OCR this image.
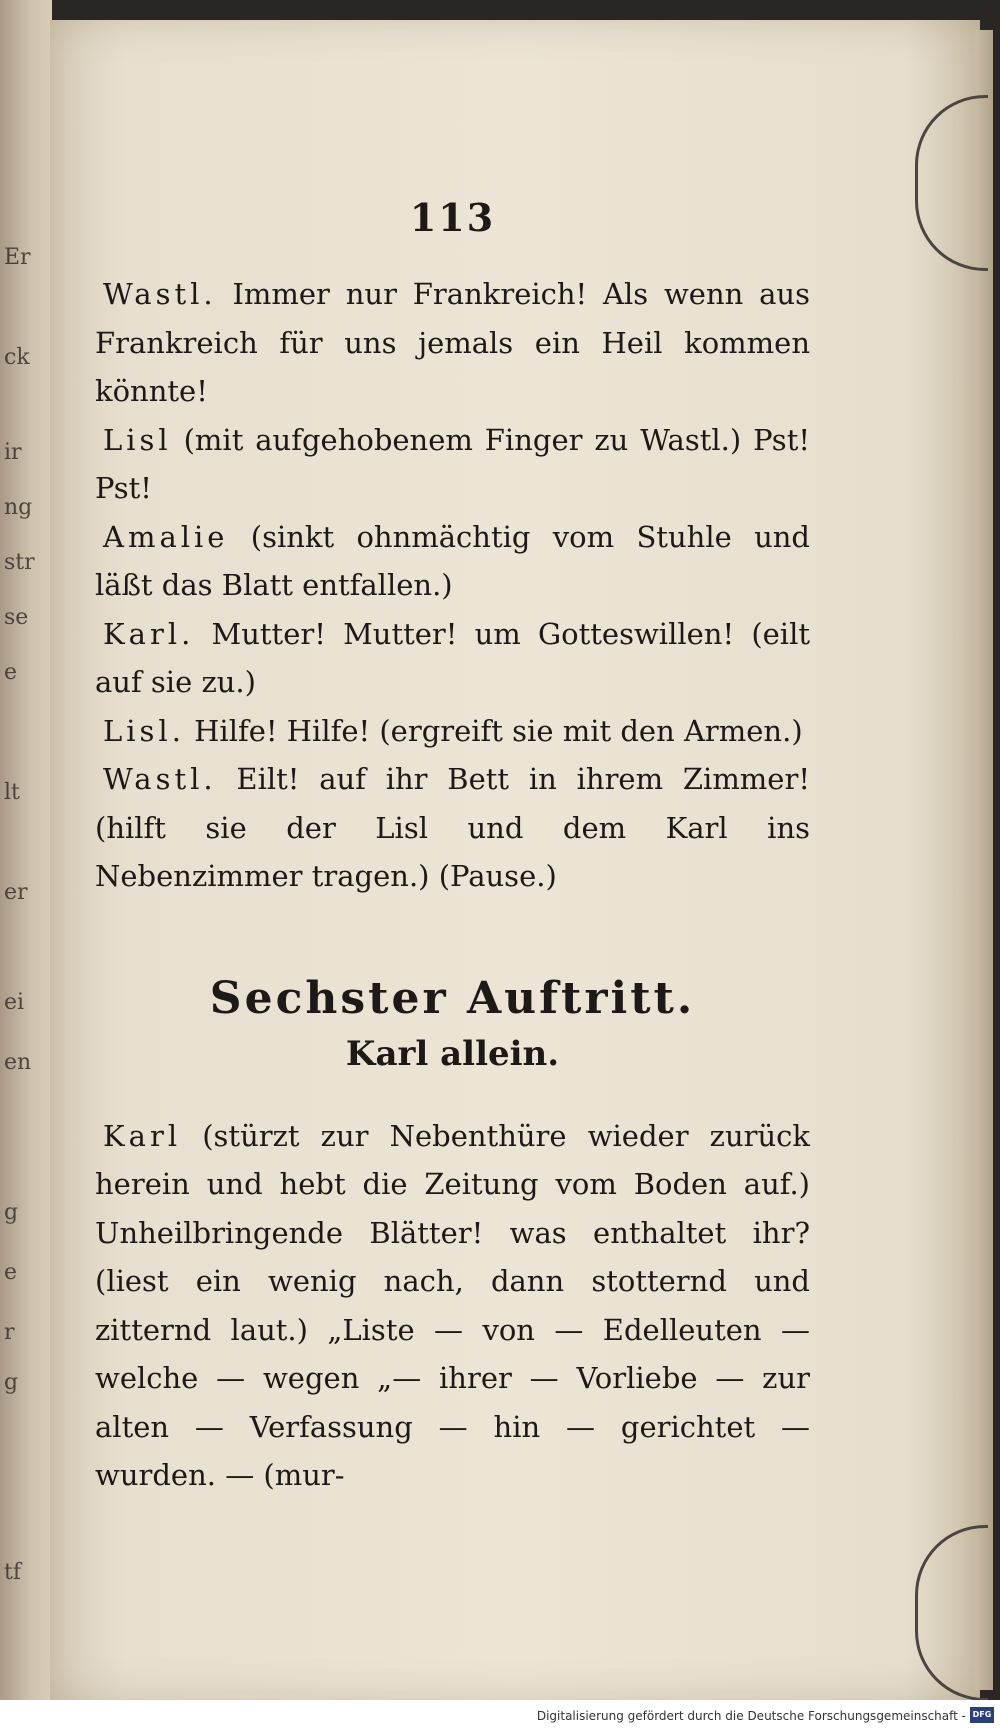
Er
ck
ir
ng
str
se
e
lt
er
ei
en
g
e
r
g
tf
113

Wastl. Immer nur Frankreich! Als wenn aus Frankreich für uns jemals ein Heil kommen könnte!

Lisl (mit aufgehobenem Finger zu Wastl.) Pst! Pst!

Amalie (sinkt ohnmächtig vom Stuhle und läßt das Blatt entfallen.)

Karl. Mutter! Mutter! um Gotteswillen! (eilt auf sie zu.)

Lisl. Hilfe! Hilfe! (ergreift sie mit den Armen.)

Wastl. Eilt! auf ihr Bett in ihrem Zimmer! (hilft sie der Lisl und dem Karl ins Nebenzimmer tragen.) (Pause.)

Sechster Auftritt.
Karl allein.

Karl (stürzt zur Nebenthüre wieder zurück herein und hebt die Zeitung vom Boden auf.) Unheilbringende Blätter! was enthaltet ihr? (liest ein wenig nach, dann stotternd und zitternd laut.) „Liste — von — Edelleuten — welche — wegen „— ihrer — Vorliebe — zur alten — Verfassung — hin — gerichtet — wurden. — (mur-

Digitalisierung gefördert durch die Deutsche Forschungsgemeinschaft - DFG
